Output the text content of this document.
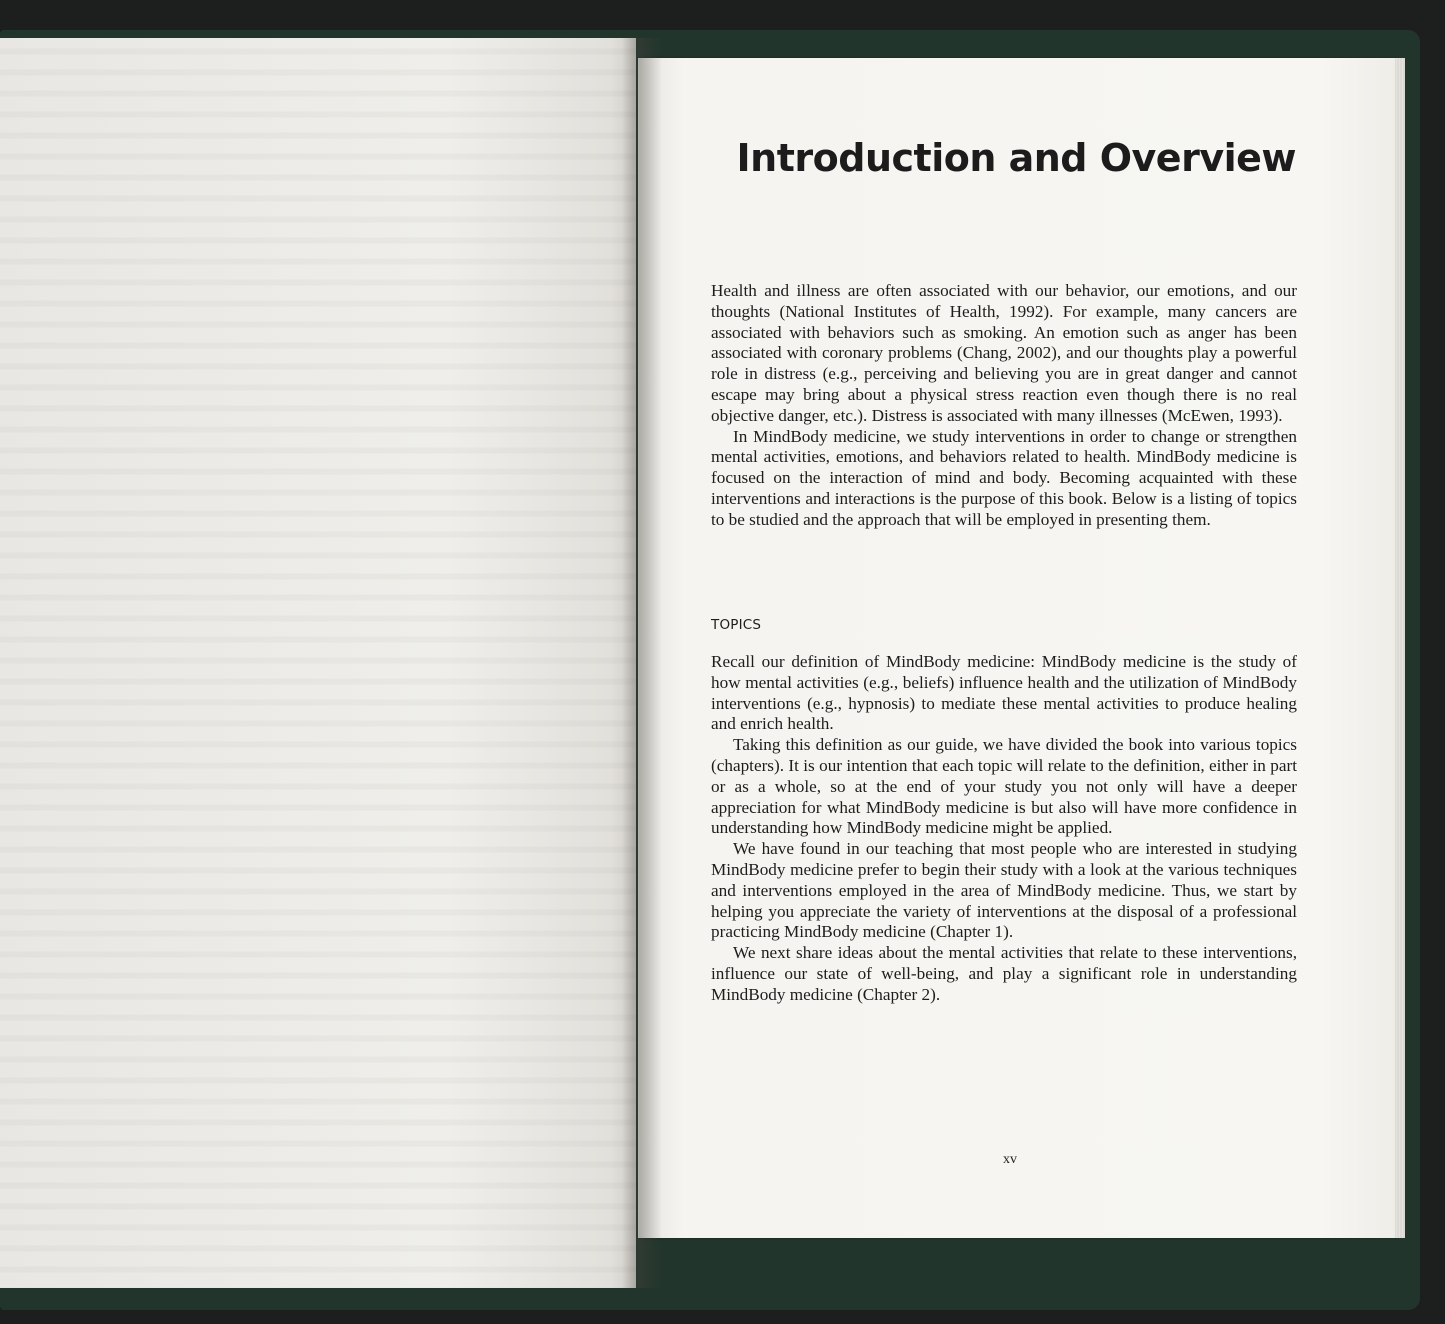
Introduction and Overview

Health and illness are often associated with our behavior, our emotions, and our thoughts (National Institutes of Health, 1992). For example, many cancers are associated with behaviors such as smoking. An emotion such as anger has been associated with coronary problems (Chang, 2002), and our thoughts play a powerful role in distress (e.g., perceiving and believing you are in great danger and cannot escape may bring about a physical stress reaction even though there is no real objective danger, etc.). Distress is associated with many illnesses (McEwen, 1993).

In MindBody medicine, we study interventions in order to change or strengthen mental activities, emotions, and behaviors related to health. MindBody medicine is focused on the interaction of mind and body. Becoming acquainted with these interventions and interactions is the purpose of this book. Below is a listing of topics to be studied and the approach that will be employed in presenting them.

TOPICS

Recall our definition of MindBody medicine: MindBody medicine is the study of how mental activities (e.g., beliefs) influence health and the utilization of MindBody interventions (e.g., hypnosis) to mediate these mental activities to produce healing and enrich health.

Taking this definition as our guide, we have divided the book into various topics (chapters). It is our intention that each topic will relate to the definition, either in part or as a whole, so at the end of your study you not only will have a deeper appreciation for what MindBody medicine is but also will have more confidence in understanding how MindBody medicine might be applied.

We have found in our teaching that most people who are interested in studying MindBody medicine prefer to begin their study with a look at the various techniques and interventions employed in the area of MindBody medicine. Thus, we start by helping you appreciate the variety of interventions at the disposal of a professional practicing MindBody medicine (Chapter 1).

We next share ideas about the mental activities that relate to these interventions, influence our state of well-being, and play a significant role in understanding MindBody medicine (Chapter 2).

xv
